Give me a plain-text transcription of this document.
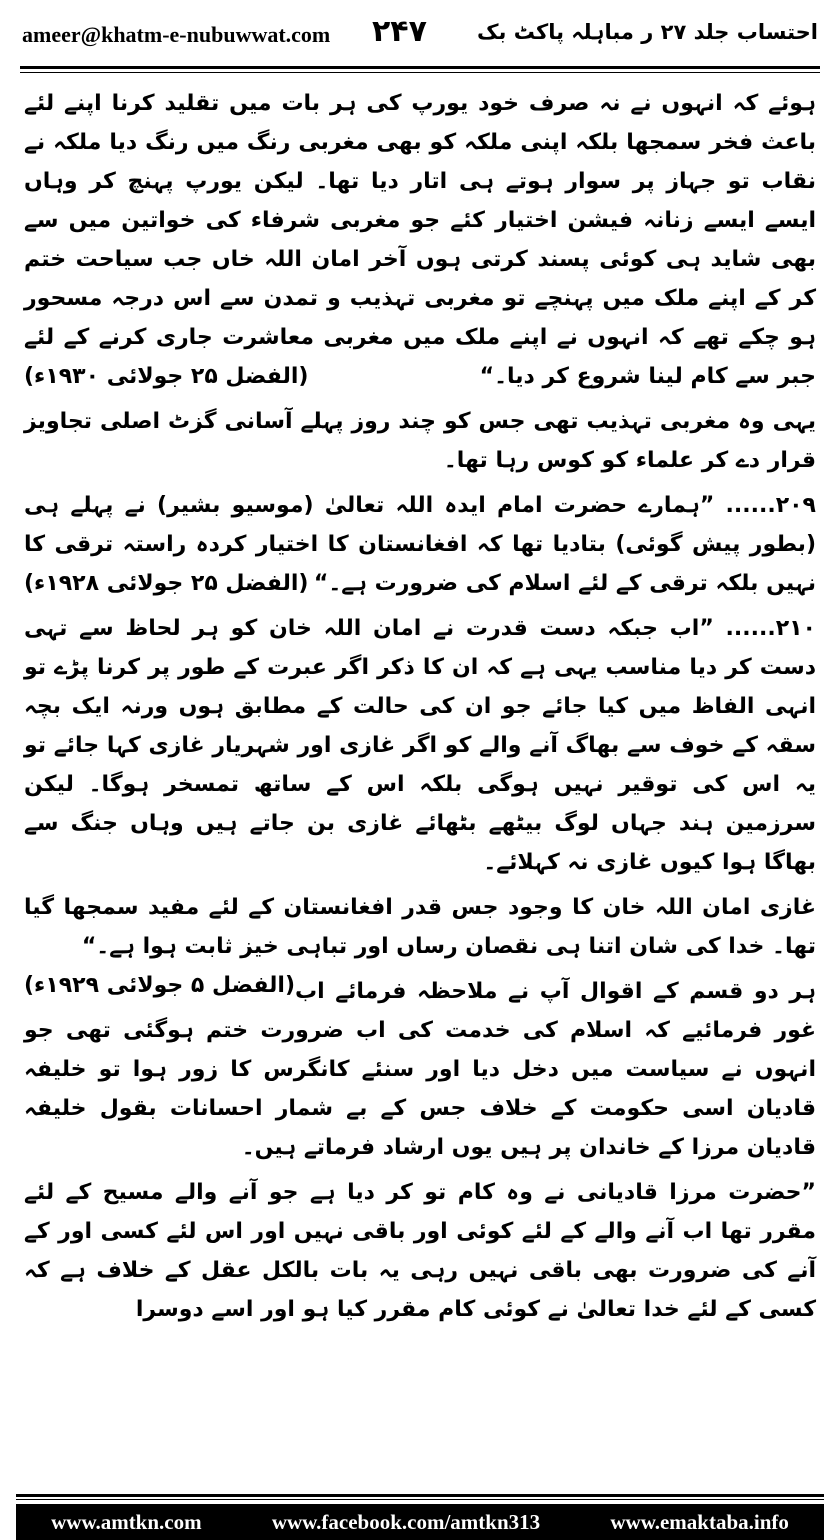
ameer@khatm-e-nubuwwat.com ۲۴۷ احتساب جلد ۲۷ ر مباہلہ پاکٹ بک

ہوئے کہ انہوں نے نہ صرف خود یورپ کی ہر بات میں تقلید کرنا اپنے لئے باعث فخر سمجھا بلکہ اپنی ملکہ کو بھی مغربی رنگ میں رنگ دیا ملکہ نے نقاب تو جہاز پر سوار ہوتے ہی اتار دیا تھا۔ لیکن یورپ پہنچ کر وہاں ایسے ایسے زنانہ فیشن اختیار کئے جو مغربی شرفاء کی خواتین میں سے بھی شاید ہی کوئی پسند کرتی ہوں آخر امان اللہ خاں جب سیاحت ختم کر کے اپنے ملک میں پہنچے تو مغربی تہذیب و تمدن سے اس درجہ مسحور ہو چکے تھے کہ انہوں نے اپنے ملک میں مغربی معاشرت جاری کرنے کے لئے جبر سے کام لینا شروع کر دیا۔“
(الفضل ۲۵ جولائی ۱۹۳۰ء)

یہی وہ مغربی تہذیب تھی جس کو چند روز پہلے آسانی گزٹ اصلی تجاویز قرار دے کر علماء کو کوس رہا تھا۔

۲۰۹...... ”ہمارے حضرت امام ایدہ اللہ تعالیٰ (موسیو بشیر) نے پہلے ہی (بطور پیش گوئی) بتادیا تھا کہ افغانستان کا اختیار کردہ راستہ ترقی کا نہیں بلکہ ترقی کے لئے اسلام کی ضرورت ہے۔“
(الفضل ۲۵ جولائی ۱۹۲۸ء)

۲۱۰...... ”اب جبکہ دست قدرت نے امان اللہ خان کو ہر لحاظ سے تہی دست کر دیا مناسب یہی ہے کہ ان کا ذکر اگر عبرت کے طور پر کرنا پڑے تو انہی الفاظ میں کیا جائے جو ان کی حالت کے مطابق ہوں ورنہ ایک بچہ سقہ کے خوف سے بھاگ آنے والے کو اگر غازی اور شہریار غازی کہا جائے تو یہ اس کی توقیر نہیں ہوگی بلکہ اس کے ساتھ تمسخر ہوگا۔ لیکن سرزمین ہند جہاں لوگ بیٹھے بٹھائے غازی بن جاتے ہیں وہاں جنگ سے بھاگا ہوا کیوں غازی نہ کہلائے۔

غازی امان اللہ خان کا وجود جس قدر افغانستان کے لئے مفید سمجھا گیا تھا۔ خدا کی شان اتنا ہی نقصان رساں اور تباہی خیز ثابت ہوا ہے۔“
(الفضل ۵ جولائی ۱۹۲۹ء) ہر دو قسم کے اقوال آپ نے ملاحظہ فرمائے اب غور فرمائیے کہ اسلام کی خدمت کی اب ضرورت ختم ہوگئی تھی جو انہوں نے سیاست میں دخل دیا اور سنئے کانگرس کا زور ہوا تو خلیفہ قادیان اسی حکومت کے خلاف جس کے بے شمار احسانات بقول خلیفہ قادیان مرزا کے خاندان پر ہیں یوں ارشاد فرماتے ہیں۔

”حضرت مرزا قادیانی نے وہ کام تو کر دیا ہے جو آنے والے مسیح کے لئے مقرر تھا اب آنے والے کے لئے کوئی اور باقی نہیں اور اس لئے کسی اور کے آنے کی ضرورت بھی باقی نہیں رہی یہ بات بالکل عقل کے خلاف ہے کہ کسی کے لئے خدا تعالیٰ نے کوئی کام مقرر کیا ہو اور اسے دوسرا

www.amtkn.com	www.facebook.com/amtkn313	www.emaktaba.info
